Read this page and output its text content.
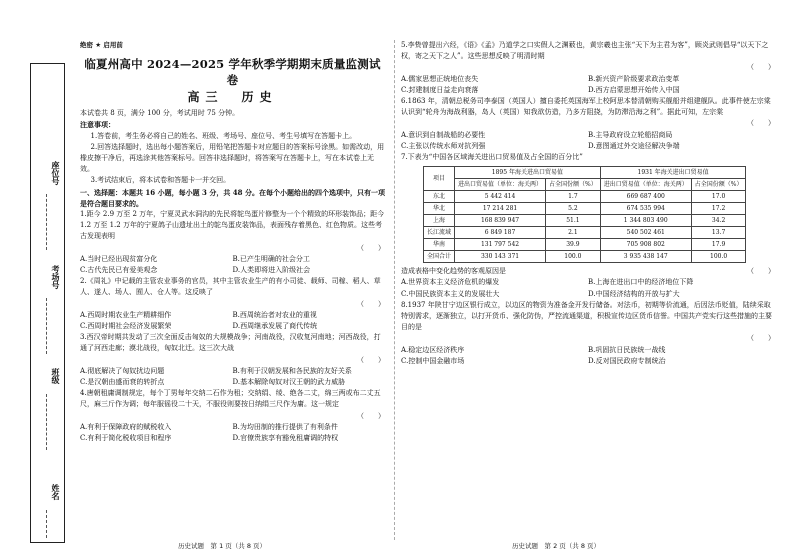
座位号
考场号
班级
姓名
绝密 ★ 启用前
临夏州高中 2024—2025 学年秋季学期期末质量监测试卷
高三　历史

本试卷共 8 页，满分 100 分，考试用时 75 分钟。

注意事项：

1.答卷前，考生务必将自己的姓名、班级、考场号、座位号、考生号填写在答题卡上。

2.回答选择题时，选出每小题答案后，用铅笔把答题卡对应题目的答案标号涂黑。如需改动，用橡皮擦干净后，再选涂其他答案标号。回答非选择题时，将答案写在答题卡上，写在本试卷上无效。

3.考试结束后，将本试卷和答题卡一并交回。

一、选择题：本题共 16 小题，每小题 3 分，共 48 分。在每个小题给出的四个选项中，只有一项是符合题目要求的。

1.距今 2.9 万至 2 万年，宁夏灵武水洞沟的先民将鸵鸟蛋片修整为一个个精致的环形装饰品；距今 1.2 万至 1.2 万年的宁夏鸽子山遗址出土的鸵鸟蛋皮装饰品，表面残存着黑色、红色物质。这些考古发现表明

（　　）
A.当时已经出现贫富分化	B.已产生明确的社会分工
C.古代先民已有爱美观念	D.人类即将进入阶级社会

2.《周礼》中记载的主管农业事务的官员，其中主管农业生产的有小司徒、载师、司稼、稻人、草人、遂人、场人、囿人、仓人等。这反映了

（　　）
A.西周时期农业生产精耕细作	B.西周统治者对农业的重视
C.西周时期社会经济发展繁荣	D.西周继承发展了商代传统

3.西汉帝时期共发动了三次全面反击匈奴的大规模战争；河南战役，汉收复河南地；河西战役，打通了河西走廊；漠北战役，匈奴北迁。这三次大战

（　　）
A.彻底解决了匈奴扰边问题	B.有利于汉朝发展和各民族的友好关系
C.是汉朝由盛而衰的转折点	D.基本解除匈奴对汉王朝的武力威胁

4.唐朝租庸调制规定，每个丁男每年交纳二石作为租；交纳绢、绫、绝各二丈，绵三两或布二丈五尺，麻三斤作为调；每年服徭役二十天，不服役则要按日纳绢三尺作为庸。这一规定

（　　）
A.有利于保障政府的赋税收入	B.为均田制的推行提供了有利条件
C.有利于简化税收项目和程序	D.官僚贵族享有豁免租庸调的特权

5.李贽曾提出六经，《语》《孟》乃道学之口实假人之渊薮也，黄宗羲也主张“天下为主君为客”，顾炎武则倡导“以天下之权，寄之天下之人”。这些思想反映了明清时期

（　　）
A.儒家思想正统地位丧失	B.新兴资产阶级要求政治变革
C.封建制度日益走向衰落	D.西方启蒙思想开始传入中国

6.1863 年，清朝总税务司李泰国（英国人）擅自委托英国海军上校阿思本替清朝购买舰船并组建舰队。此事件使左宗棠认识到“轮舟为海战利器，岛人（英国）知我欲仿造，乃多方阻挠，为防滞沿海之利”。据此可知，左宗棠

（　　）
A.意识到自制战船的必要性	B.主导政府设立轮船招商局
C.主张以传统水师对抗列强	D.意图通过外交途径解决争端

7.下表为“中国各区域海关进出口贸易值及占全国的百分比”

项目	1895 年海关进出口贸易值		1931 年海关进出口贸易值	
	进出口贸易值（单位：海关两）	占全国份额（%）	进出口贸易值（单位：海关两）	占全国份额（%）
东北	5 442 414	1.7	669 687 400	17.0
华北	17 214 281	5.2	674 535 994	17.2
上海	168 839 947	51.1	1 344 803 490	34.2
长江流域	6 849 187	2.1	540 502 461	13.7
华南	131 797 542	39.9	705 908 802	17.9
全国合计	330 143 371	100.0	3 935 438 147	100.0
造成表格中变化趋势的客观原因是	（　　）
A.世界资本主义经济危机的爆发	B.上海在进出口中的经济地位下降
C.中国民族资本主义的发展壮大	D.中国经济结构的开放与扩大

8.1937 年陕甘宁边区银行成立，以边区的物资为准备金开发行储备。对法币，初期等价流通，后因法币贬值，陆续采取特别需求，逐渐独立，以打开货币、强化防伪，严控流通渠道，积极宣传边区货币信誉。中国共产党实行这些措施的主要目的是

（　　）
A.稳定边区经济秩序	B.巩固抗日民族统一战线
C.控制中国金融市场	D.反对国民政府专制统治
历史试题　第 1 页（共 8 页）	历史试题　第 2 页（共 8 页）
